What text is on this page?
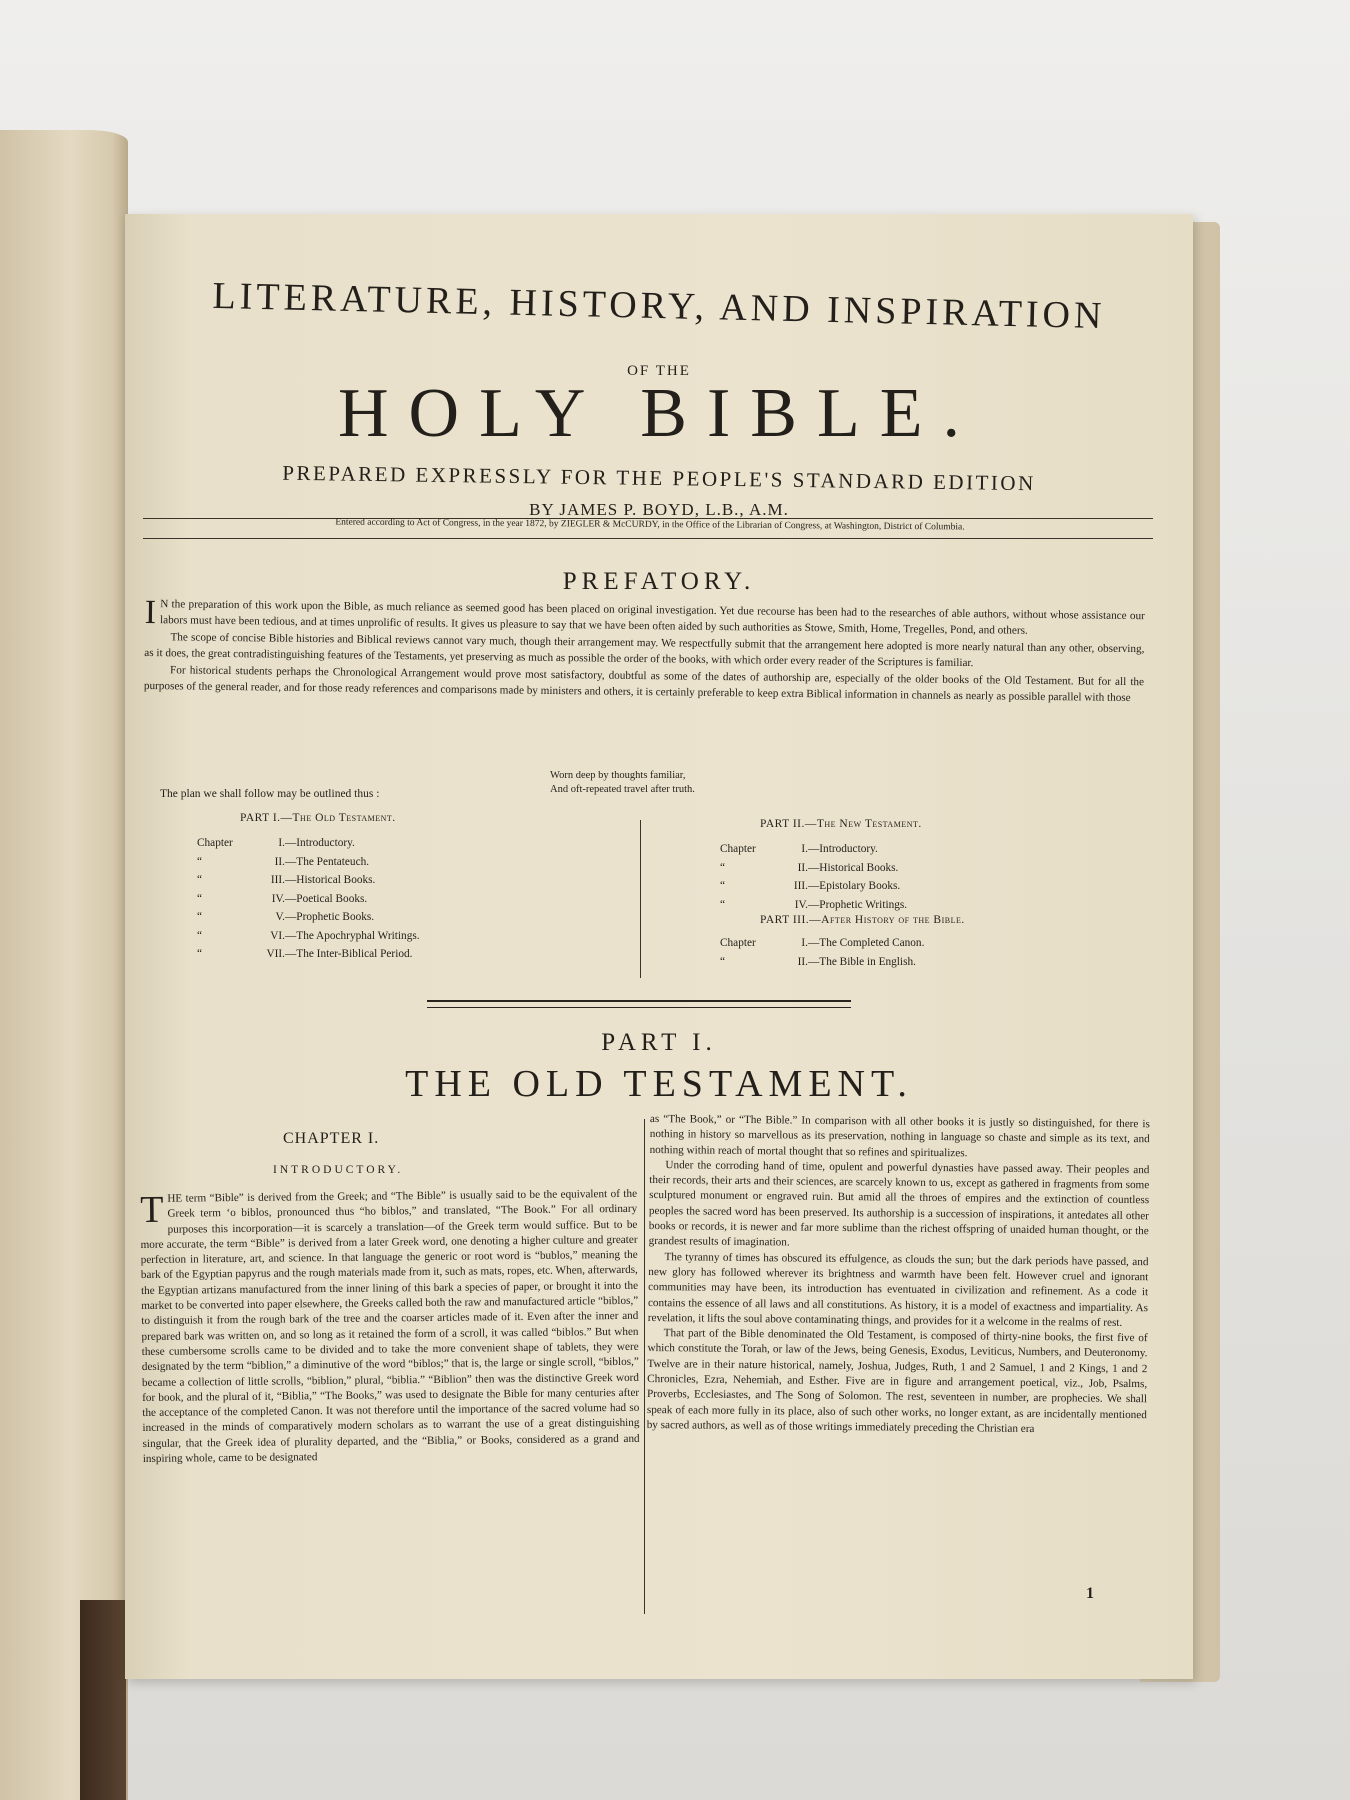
LITERATURE, HISTORY, AND INSPIRATION
OF THE
HOLY BIBLE.
PREPARED EXPRESSLY FOR THE PEOPLE'S STANDARD EDITION
BY JAMES P. BOYD, L.B., A.M.
Entered according to Act of Congress, in the year 1872, by ZIEGLER & McCURDY, in the Office of the Librarian of Congress, at Washington, District of Columbia.
PREFATORY.

I N the preparation of this work upon the Bible, as much reliance as seemed good has been placed on original investigation. Yet due recourse has been had to the researches of able authors, without whose assistance our labors must have been tedious, and at times unprolific of results. It gives us pleasure to say that we have been often aided by such authorities as Stowe, Smith, Home, Tregelles, Pond, and others.

The scope of concise Bible histories and Biblical reviews cannot vary much, though their arrangement may. We respectfully submit that the arrangement here adopted is more nearly natural than any other, observing, as it does, the great contradistinguishing features of the Testaments, yet preserving as much as possible the order of the books, with which order every reader of the Scriptures is familiar.

For historical students perhaps the Chronological Arrangement would prove most satisfactory, doubtful as some of the dates of authorship are, especially of the older books of the Old Testament. But for all the purposes of the general reader, and for those ready references and comparisons made by ministers and others, it is certainly preferable to keep extra Biblical information in channels as nearly as possible parallel with those

Worn deep by thoughts familiar,
And oft-repeated travel after truth.
The plan we shall follow may be outlined thus :
PART I.—The Old Testament.
Chapter	I. —Introductory.
“	II. —The Pentateuch.
“	III. —Historical Books.
“	IV. —Poetical Books.
“	V. —Prophetic Books.
“	VI. —The Apochryphal Writings.
“	VII. —The Inter-Biblical Period.
PART II.—The New Testament.
Chapter	I. —Introductory.
“	II. —Historical Books.
“	III. —Epistolary Books.
“	IV. —Prophetic Writings.
PART III.—After History of the Bible.
Chapter	I. —The Completed Canon.
“	II. —The Bible in English.
PART I.
THE OLD TESTAMENT.
CHAPTER I.
INTRODUCTORY.

THE term “Bible” is derived from the Greek; and “The Bible” is usually said to be the equivalent of the Greek term ‘o biblos, pronounced thus “ho biblos,” and translated, “The Book.” For all ordinary purposes this incorporation—it is scarcely a translation—of the Greek term would suffice. But to be more accurate, the term “Bible” is derived from a later Greek word, one denoting a higher culture and greater perfection in literature, art, and science. In that language the generic or root word is “bublos,” meaning the bark of the Egyptian papyrus and the rough materials made from it, such as mats, ropes, etc. When, afterwards, the Egyptian artizans manufactured from the inner lining of this bark a species of paper, or brought it into the market to be converted into paper elsewhere, the Greeks called both the raw and manufactured article “biblos,” to distinguish it from the rough bark of the tree and the coarser articles made of it. Even after the inner and prepared bark was written on, and so long as it retained the form of a scroll, it was called “biblos.” But when these cumbersome scrolls came to be divided and to take the more convenient shape of tablets, they were designated by the term “biblion,” a diminutive of the word “biblos;” that is, the large or single scroll, “biblos,” became a collection of little scrolls, “biblion,” plural, “biblia.” “Biblion” then was the distinctive Greek word for book, and the plural of it, “Biblia,” “The Books,” was used to designate the Bible for many centuries after the acceptance of the completed Canon. It was not therefore until the importance of the sacred volume had so increased in the minds of comparatively modern scholars as to warrant the use of a great distinguishing singular, that the Greek idea of plurality departed, and the “Biblia,” or Books, considered as a grand and inspiring whole, came to be designated

as “The Book,” or “The Bible.” In comparison with all other books it is justly so distinguished, for there is nothing in history so marvellous as its preservation, nothing in language so chaste and simple as its text, and nothing within reach of mortal thought that so refines and spiritualizes.

Under the corroding hand of time, opulent and powerful dynasties have passed away. Their peoples and their records, their arts and their sciences, are scarcely known to us, except as gathered in fragments from some sculptured monument or engraved ruin. But amid all the throes of empires and the extinction of countless peoples the sacred word has been preserved. Its authorship is a succession of inspirations, it antedates all other books or records, it is newer and far more sublime than the richest offspring of unaided human thought, or the grandest results of imagination.

The tyranny of times has obscured its effulgence, as clouds the sun; but the dark periods have passed, and new glory has followed wherever its brightness and warmth have been felt. However cruel and ignorant communities may have been, its introduction has eventuated in civilization and refinement. As a code it contains the essence of all laws and all constitutions. As history, it is a model of exactness and impartiality. As revelation, it lifts the soul above contaminating things, and provides for it a welcome in the realms of rest.

That part of the Bible denominated the Old Testament, is composed of thirty-nine books, the first five of which constitute the Torah, or law of the Jews, being Genesis, Exodus, Leviticus, Numbers, and Deuteronomy. Twelve are in their nature historical, namely, Joshua, Judges, Ruth, 1 and 2 Samuel, 1 and 2 Kings, 1 and 2 Chronicles, Ezra, Nehemiah, and Esther. Five are in figure and arrangement poetical, viz., Job, Psalms, Proverbs, Ecclesiastes, and The Song of Solomon. The rest, seventeen in number, are prophecies. We shall speak of each more fully in its place, also of such other works, no longer extant, as are incidentally mentioned by sacred authors, as well as of those writings immediately preceding the Christian era

1
